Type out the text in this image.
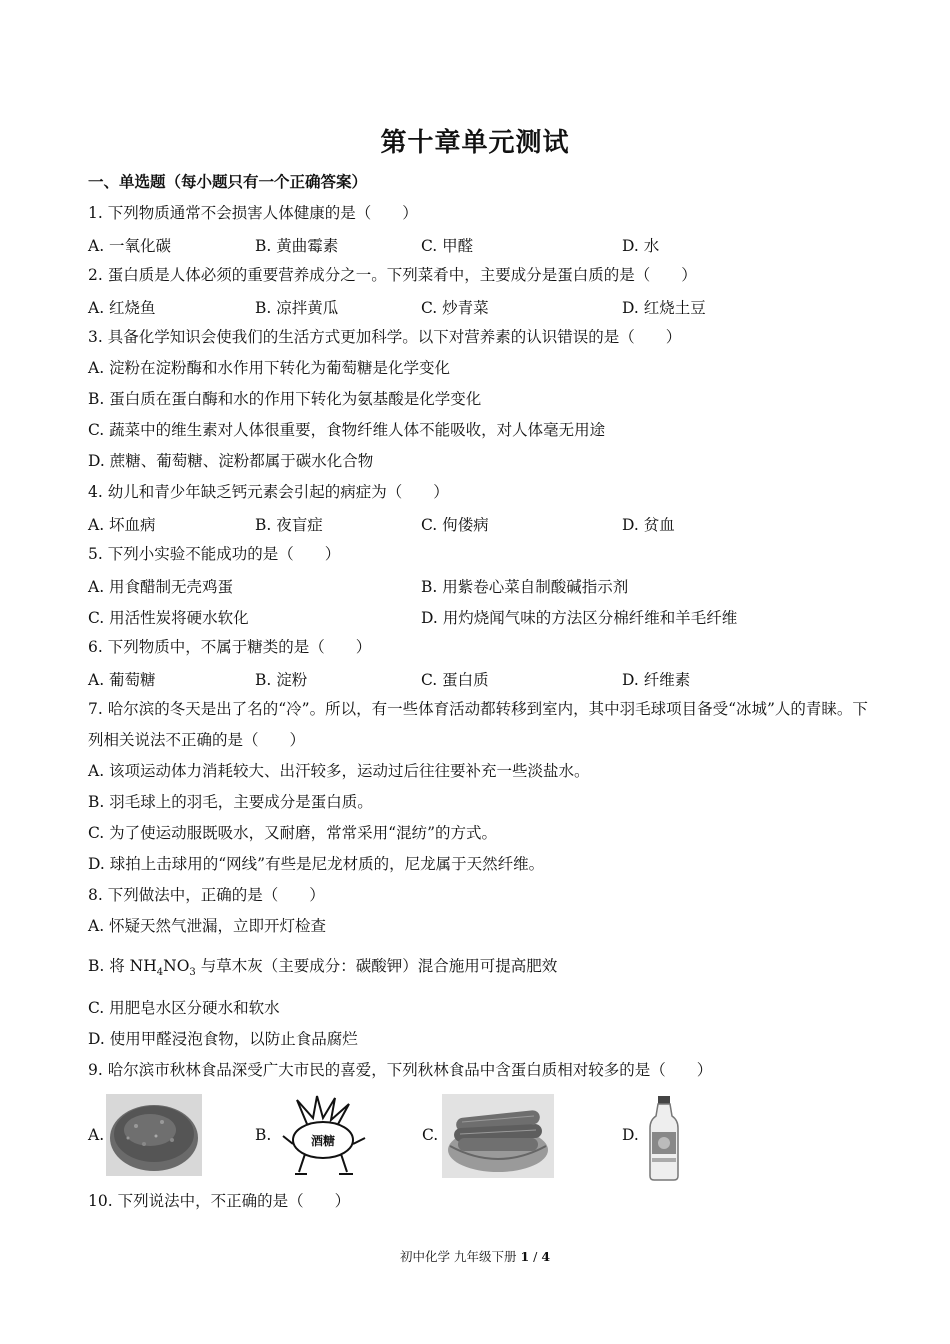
第十章单元测试
一、单选题（每小题只有一个正确答案）
1. 下列物质通常不会损害人体健康的是（　　）
A. 一氧化碳	B. 黄曲霉素	C. 甲醛	D. 水
2. 蛋白质是人体必须的重要营养成分之一。下列菜肴中，主要成分是蛋白质的是（　　）
A. 红烧鱼	B. 凉拌黄瓜	C. 炒青菜	D. 红烧土豆
3. 具备化学知识会使我们的生活方式更加科学。以下对营养素的认识错误的是（　　）
A. 淀粉在淀粉酶和水作用下转化为葡萄糖是化学变化
B. 蛋白质在蛋白酶和水的作用下转化为氨基酸是化学变化
C. 蔬菜中的维生素对人体很重要，食物纤维人体不能吸收，对人体毫无用途
D. 蔗糖、葡萄糖、淀粉都属于碳水化合物
4. 幼儿和青少年缺乏钙元素会引起的病症为（　　）
A. 坏血病	B. 夜盲症	C. 佝偻病	D. 贫血
5. 下列小实验不能成功的是（　　）
A. 用食醋制无壳鸡蛋	B. 用紫卷心菜自制酸碱指示剂
C. 用活性炭将硬水软化	D. 用灼烧闻气味的方法区分棉纤维和羊毛纤维
6. 下列物质中，不属于糖类的是（　　）
A. 葡萄糖	B. 淀粉	C. 蛋白质	D. 纤维素
7. 哈尔滨的冬天是出了名的“冷”。所以，有一些体育活动都转移到室内，其中羽毛球项目备受“冰城”人的青睐。下列相关说法不正确的是（　　）
A. 该项运动体力消耗较大、出汗较多，运动过后往往要补充一些淡盐水。
B. 羽毛球上的羽毛，主要成分是蛋白质。
C. 为了使运动服既吸水，又耐磨，常常采用“混纺”的方式。
D. 球拍上击球用的“网线”有些是尼龙材质的，尼龙属于天然纤维。
8. 下列做法中，正确的是（　　）
A. 怀疑天然气泄漏，立即开灯检查
B. 将 $NH_4NO_3$ 与草木灰（主要成分：碳酸钾）混合施用可提高肥效
C. 用肥皂水区分硬水和软水
D. 使用甲醛浸泡食物，以防止食品腐烂
9. 哈尔滨市秋林食品深受广大市民的喜爱，下列秋林食品中含蛋白质相对较多的是（　　）
A.	B.	酒糖	C.	D.
10. 下列说法中，不正确的是（　　）
初中化学 九年级下册 1 / 4
